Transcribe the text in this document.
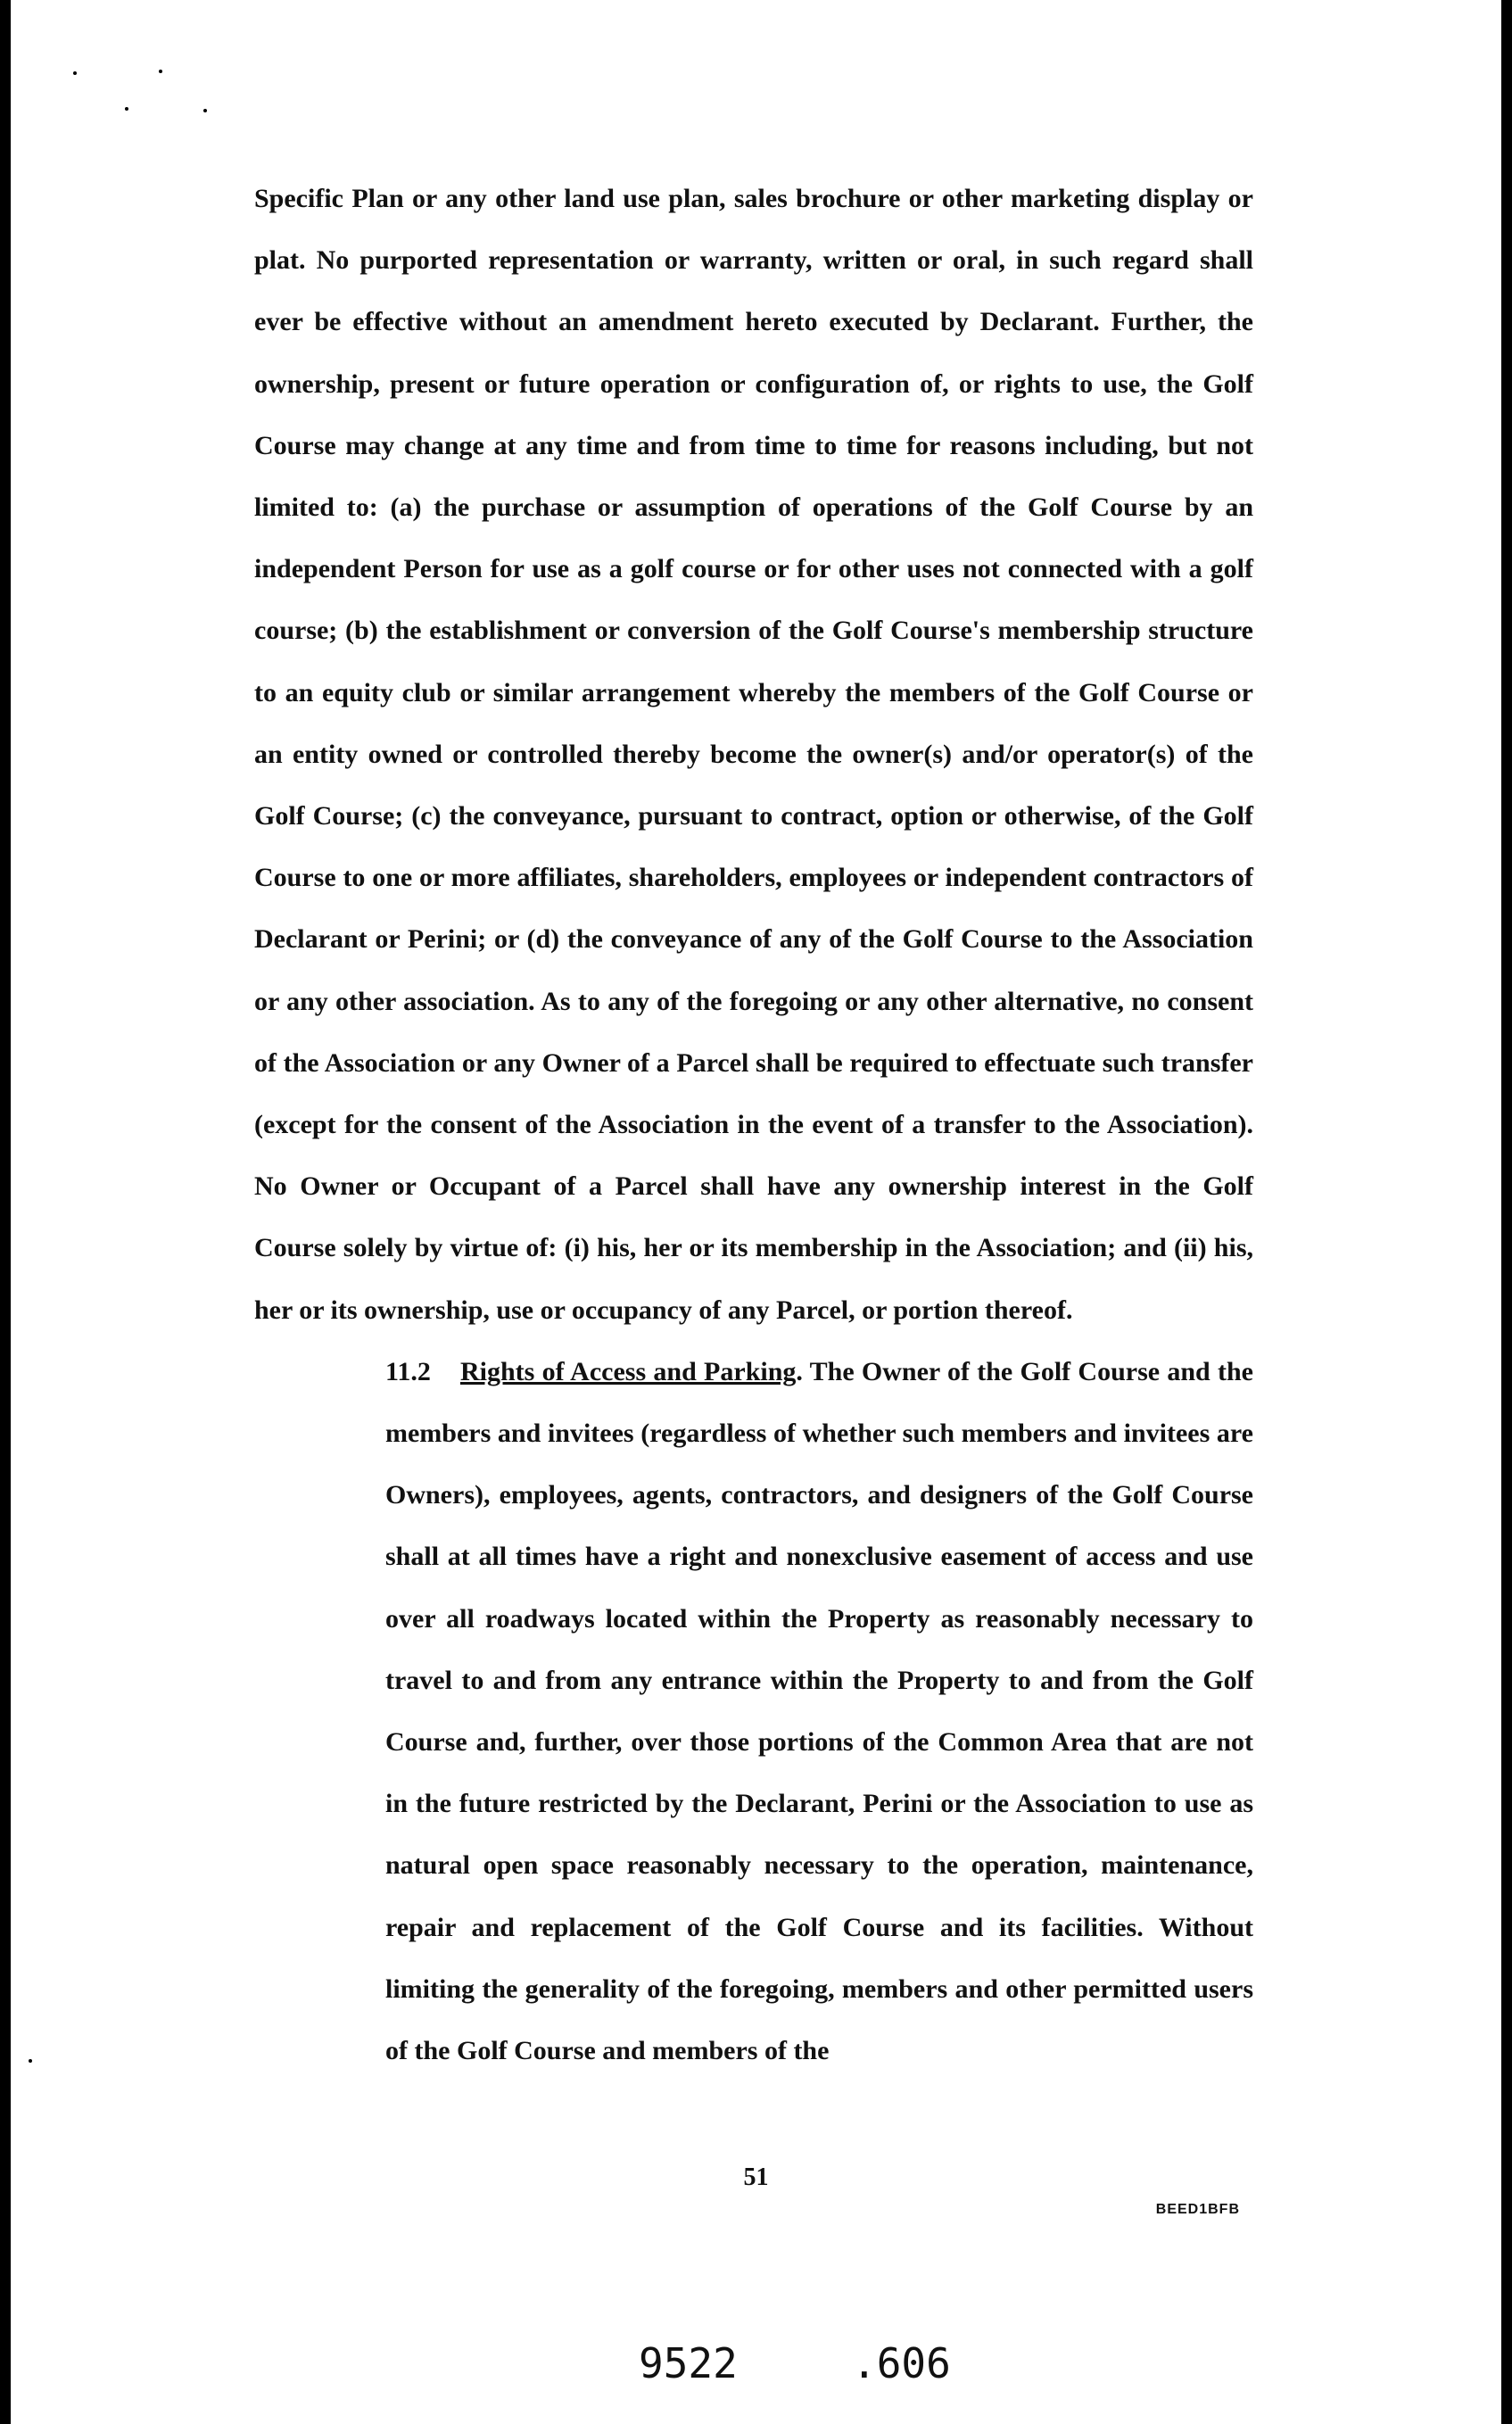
Specific Plan or any other land use plan, sales brochure or other marketing display or plat. No purported representation or warranty, written or oral, in such regard shall ever be effective without an amendment hereto executed by Declarant. Further, the ownership, present or future operation or configuration of, or rights to use, the Golf Course may change at any time and from time to time for reasons including, but not limited to: (a) the purchase or assumption of operations of the Golf Course by an independent Person for use as a golf course or for other uses not connected with a golf course; (b) the establishment or conversion of the Golf Course's membership structure to an equity club or similar arrangement whereby the members of the Golf Course or an entity owned or controlled thereby become the owner(s) and/or operator(s) of the Golf Course; (c) the conveyance, pursuant to contract, option or otherwise, of the Golf Course to one or more affiliates, shareholders, employees or independent contractors of Declarant or Perini; or (d) the conveyance of any of the Golf Course to the Association or any other association. As to any of the foregoing or any other alternative, no consent of the Association or any Owner of a Parcel shall be required to effectuate such transfer (except for the consent of the Association in the event of a transfer to the Association). No Owner or Occupant of a Parcel shall have any ownership interest in the Golf Course solely by virtue of: (i) his, her or its membership in the Association; and (ii) his, her or its ownership, use or occupancy of any Parcel, or portion thereof.

11.2 Rights of Access and Parking. The Owner of the Golf Course and the members and invitees (regardless of whether such members and invitees are Owners), employees, agents, contractors, and designers of the Golf Course shall at all times have a right and nonexclusive easement of access and use over all roadways located within the Property as reasonably necessary to travel to and from any entrance within the Property to and from the Golf Course and, further, over those portions of the Common Area that are not in the future restricted by the Declarant, Perini or the Association to use as natural open space reasonably necessary to the operation, maintenance, repair and replacement of the Golf Course and its facilities. Without limiting the generality of the foregoing, members and other permitted users of the Golf Course and members of the

51
BEED1BFB
9522	.606
